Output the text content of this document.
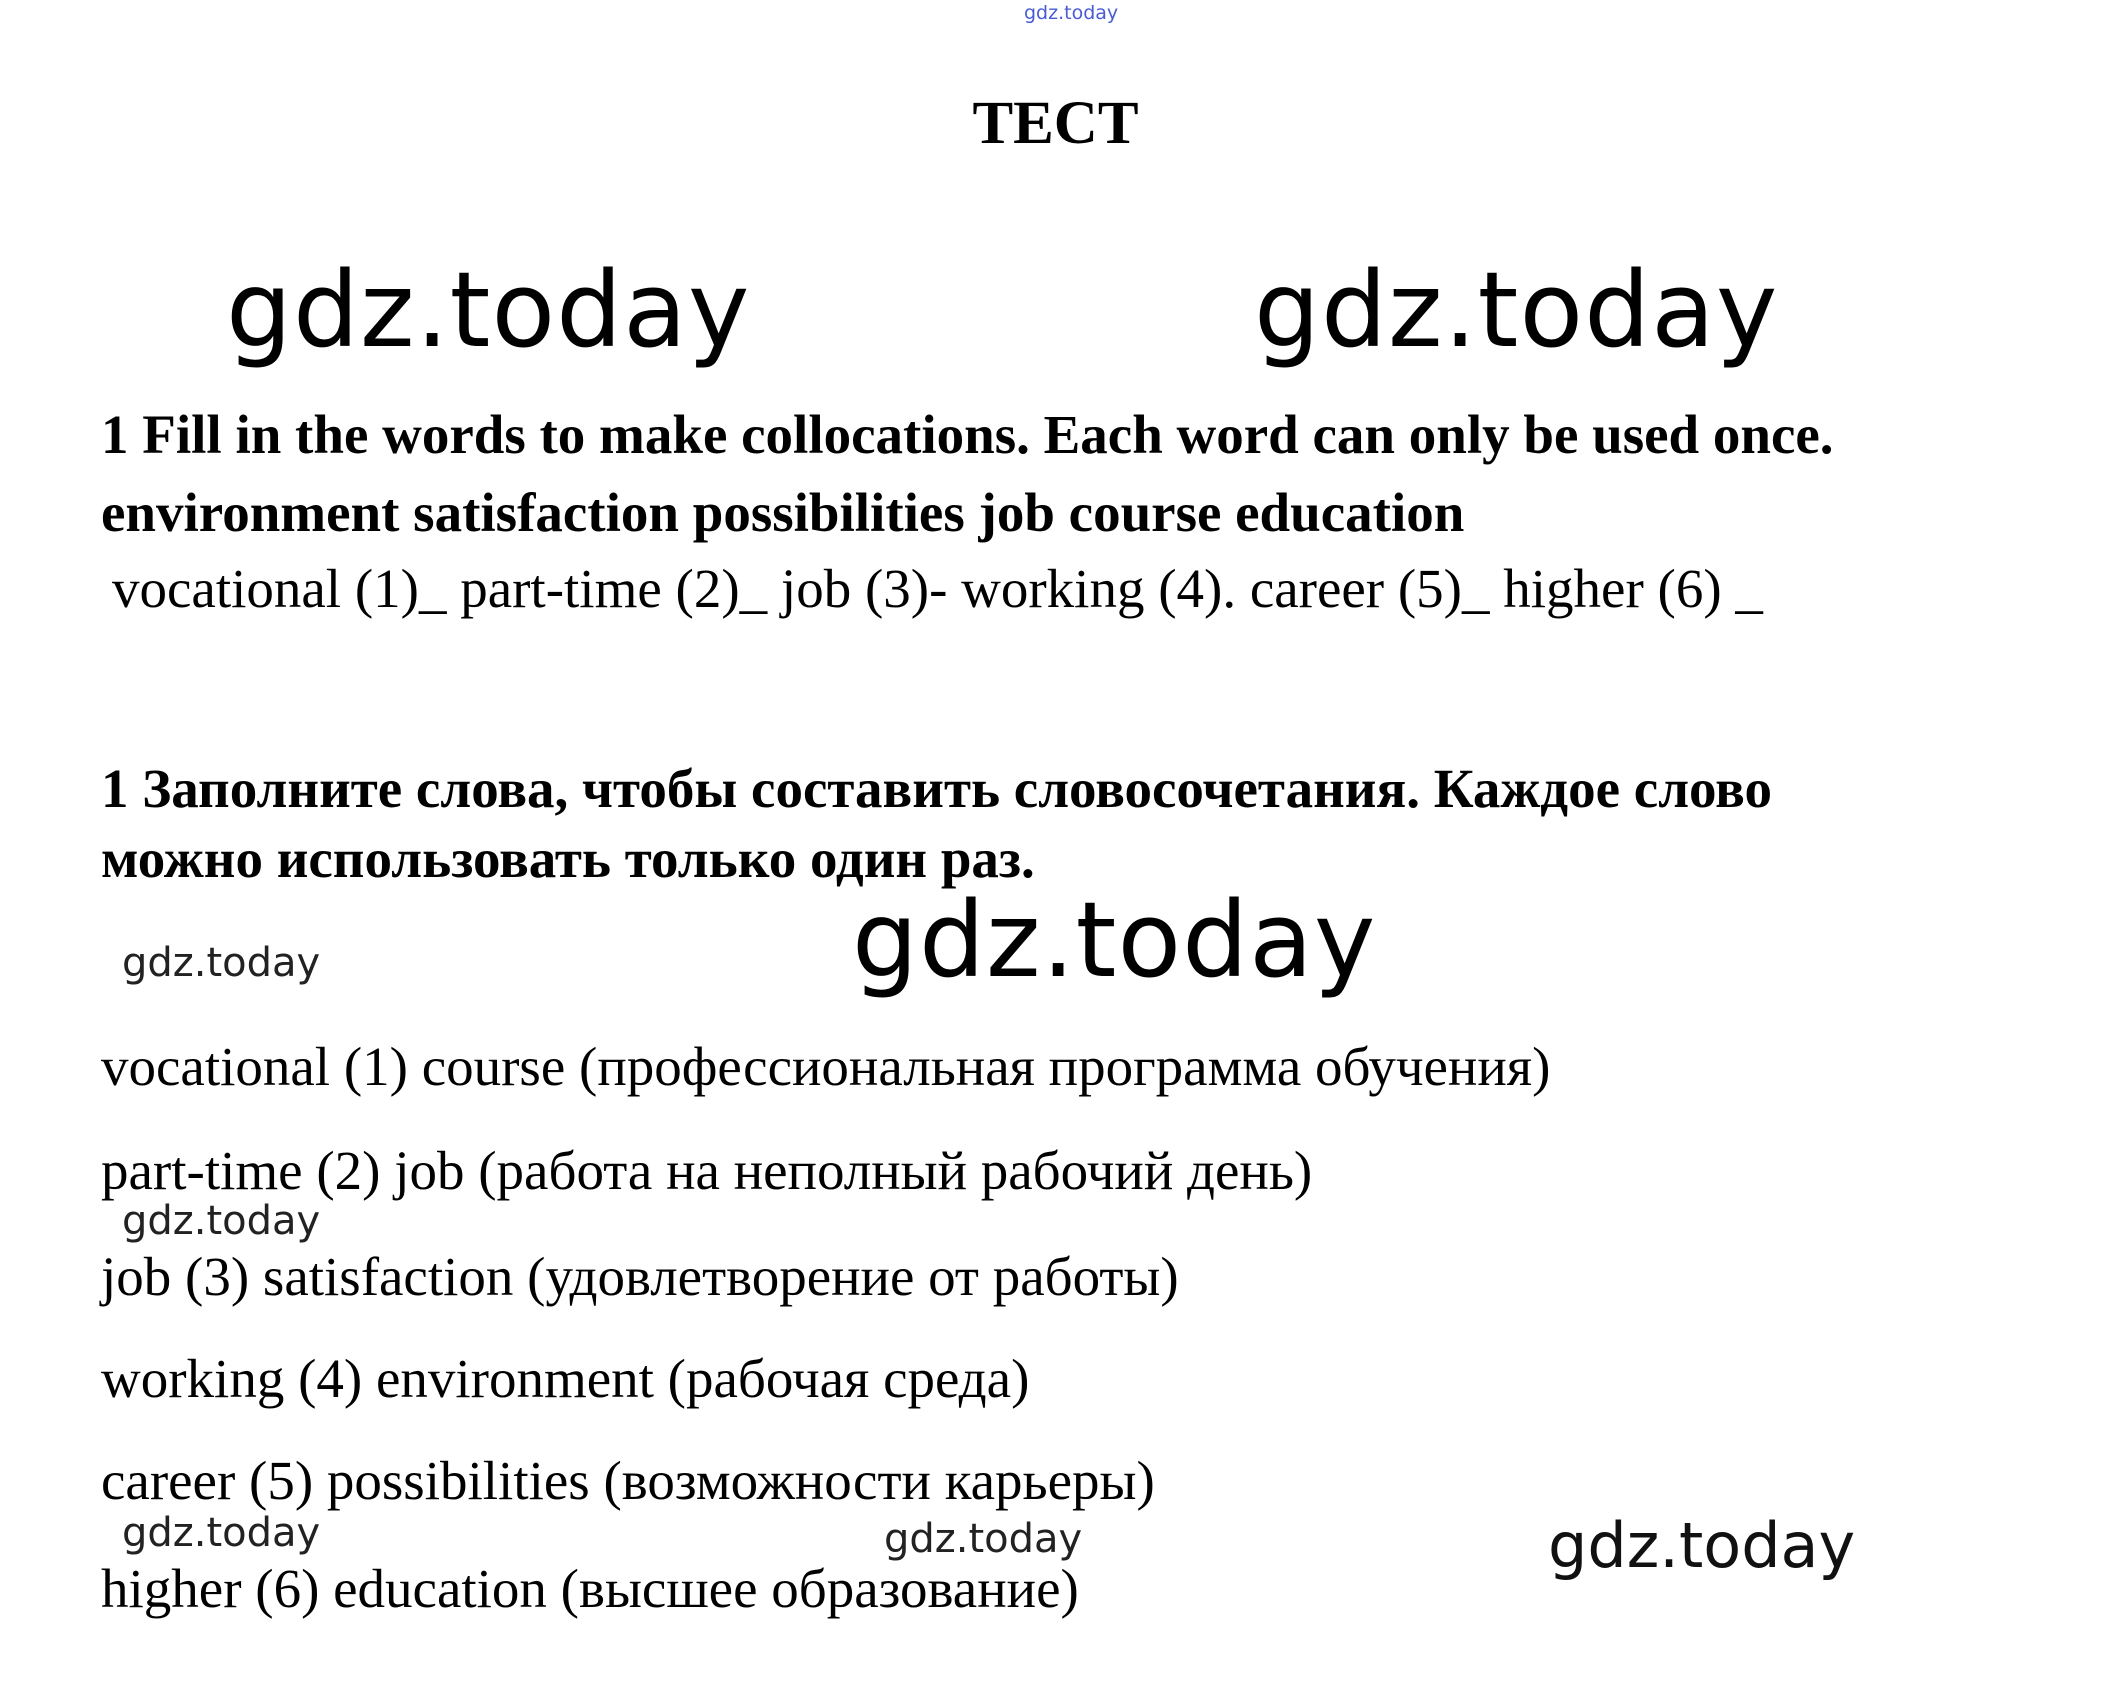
gdz.today
ТЕСТ
gdz.today	gdz.today
1 Fill in the words to make collocations. Each word can only be used once.
environment satisfaction possibilities job course education
vocational (1)_ part-time (2)_ job (3)- working (4). career (5)_ higher (6) _
1 Заполните слова, чтобы составить словосочетания. Каждое слово
можно использовать только один раз.
gdz.today	gdz.today
vocational (1) course (профессиональная программа обучения)
part-time (2) job (работа на неполный рабочий день)
gdz.today
job (3) satisfaction (удовлетворение от работы)
working (4) environment (рабочая среда)
career (5) possibilities (возможности карьеры)
gdz.today	gdz.today	gdz.today
higher (6) education (высшее образование)
